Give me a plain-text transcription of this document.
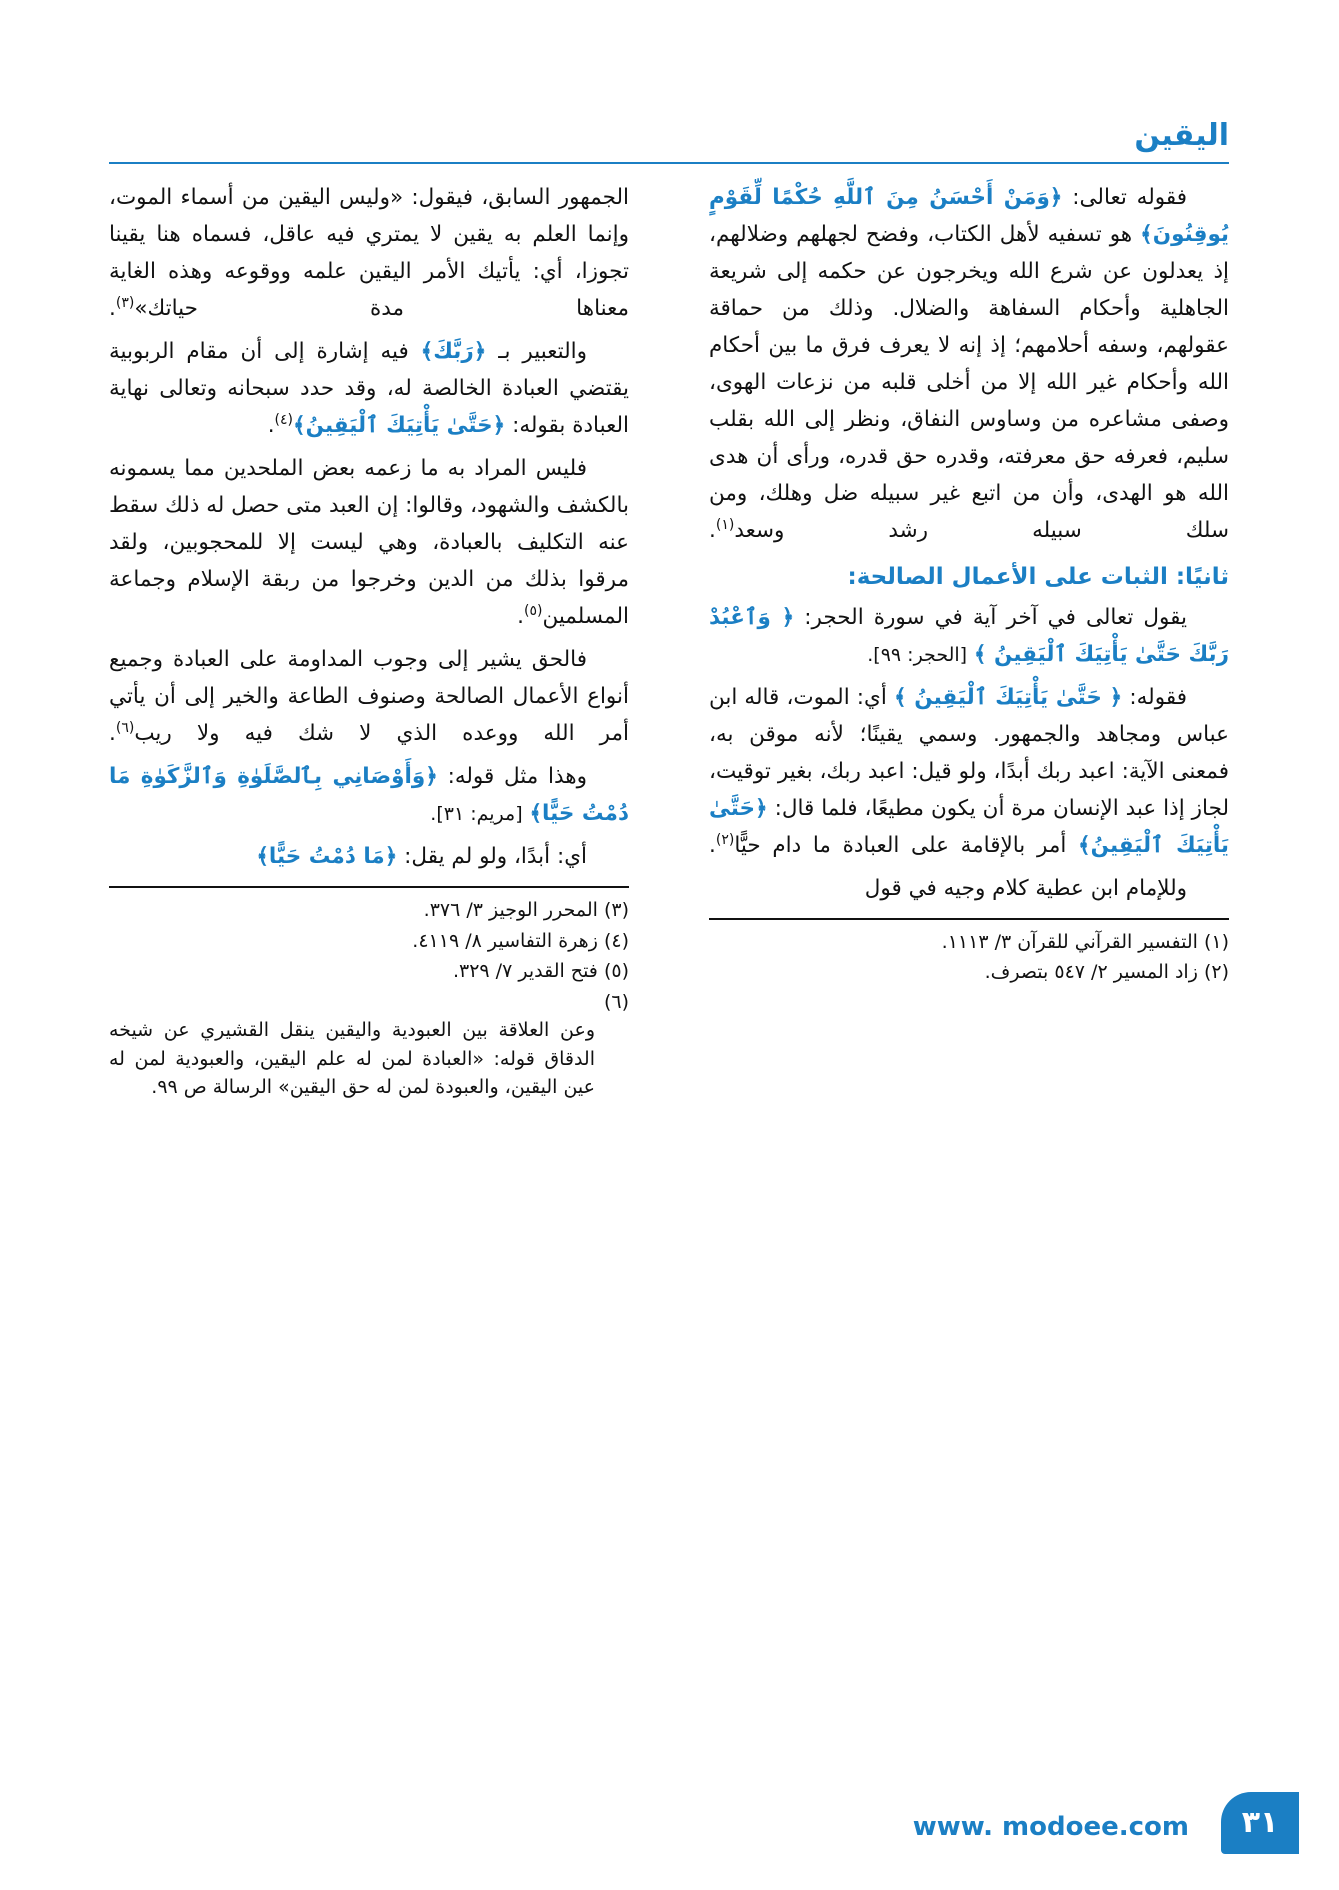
اليقين

فقوله تعالى: ﴿وَمَنْ أَحْسَنُ مِنَ ٱللَّهِ حُكْمًا لِّقَوْمٍ يُوقِنُونَ﴾ هو تسفيه لأهل الكتاب، وفضح لجهلهم وضلالهم، إذ يعدلون عن شرع الله ويخرجون عن حكمه إلى شريعة الجاهلية وأحكام السفاهة والضلال. وذلك من حماقة عقولهم، وسفه أحلامهم؛ إذ إنه لا يعرف فرق ما بين أحكام الله وأحكام غير الله إلا من أخلى قلبه من نزعات الهوى، وصفى مشاعره من وساوس النفاق، ونظر إلى الله بقلب سليم، فعرفه حق معرفته، وقدره حق قدره، ورأى أن هدى الله هو الهدى، وأن من اتبع غير سبيله ضل وهلك، ومن سلك سبيله رشد وسعد$^{(١)}$.

ثانيًا: الثبات على الأعمال الصالحة:

يقول تعالى في آخر آية في سورة الحجر: ﴿ وَٱعْبُدْ رَبَّكَ حَتَّىٰ يَأْتِيَكَ ٱلْيَقِينُ ﴾ [الحجر: ٩٩].

فقوله: ﴿ حَتَّىٰ يَأْتِيَكَ ٱلْيَقِينُ ﴾ أي: الموت، قاله ابن عباس ومجاهد والجمهور. وسمي يقينًا؛ لأنه موقن به، فمعنى الآية: اعبد ربك أبدًا، ولو قيل: اعبد ربك، بغير توقيت، لجاز إذا عبد الإنسان مرة أن يكون مطيعًا، فلما قال: ﴿حَتَّىٰ يَأْتِيَكَ ٱلْيَقِينُ﴾ أمر بالإقامة على العبادة ما دام حيًّا$^{(٢)}$.

وللإمام ابن عطية كلام وجيه في قول

(١) التفسير القرآني للقرآن ٣/ ١١١٣.
(٢) زاد المسير ٢/ ٥٤٧ بتصرف.

الجمهور السابق، فيقول: «وليس اليقين من أسماء الموت، وإنما العلم به يقين لا يمتري فيه عاقل، فسماه هنا يقينا تجوزا، أي: يأتيك الأمر اليقين علمه ووقوعه وهذه الغاية معناها مدة حياتك»$^{(٣)}$.

والتعبير بـ ﴿رَبَّكَ﴾ فيه إشارة إلى أن مقام الربوبية يقتضي العبادة الخالصة له، وقد حدد سبحانه وتعالى نهاية العبادة بقوله: ﴿حَتَّىٰ يَأْتِيَكَ ٱلْيَقِينُ﴾$^{(٤)}$.

فليس المراد به ما زعمه بعض الملحدين مما يسمونه بالكشف والشهود، وقالوا: إن العبد متى حصل له ذلك سقط عنه التكليف بالعبادة، وهي ليست إلا للمحجوبين، ولقد مرقوا بذلك من الدين وخرجوا من ربقة الإسلام وجماعة المسلمين$^{(٥)}$.

فالحق يشير إلى وجوب المداومة على العبادة وجميع أنواع الأعمال الصالحة وصنوف الطاعة والخير إلى أن يأتي أمر الله ووعده الذي لا شك فيه ولا ريب$^{(٦)}$.

وهذا مثل قوله: ﴿وَأَوْصَانِي بِٱلصَّلَوٰةِ وَٱلزَّكَوٰةِ مَا دُمْتُ حَيًّا﴾ [مريم: ٣١].

أي: أبدًا، ولو لم يقل: ﴿مَا دُمْتُ حَيًّا﴾

(٣) المحرر الوجيز ٣/ ٣٧٦.
(٤) زهرة التفاسير ٨/ ٤١١٩.
(٥) فتح القدير ٧/ ٣٢٩.
(٦)
وعن العلاقة بين العبودية واليقين ينقل القشيري عن شيخه الدقاق قوله: «العبادة لمن له علم اليقين، والعبودية لمن له عين اليقين، والعبودة لمن له حق اليقين» الرسالة ص ٩٩.
٣١
www. modoee.com
